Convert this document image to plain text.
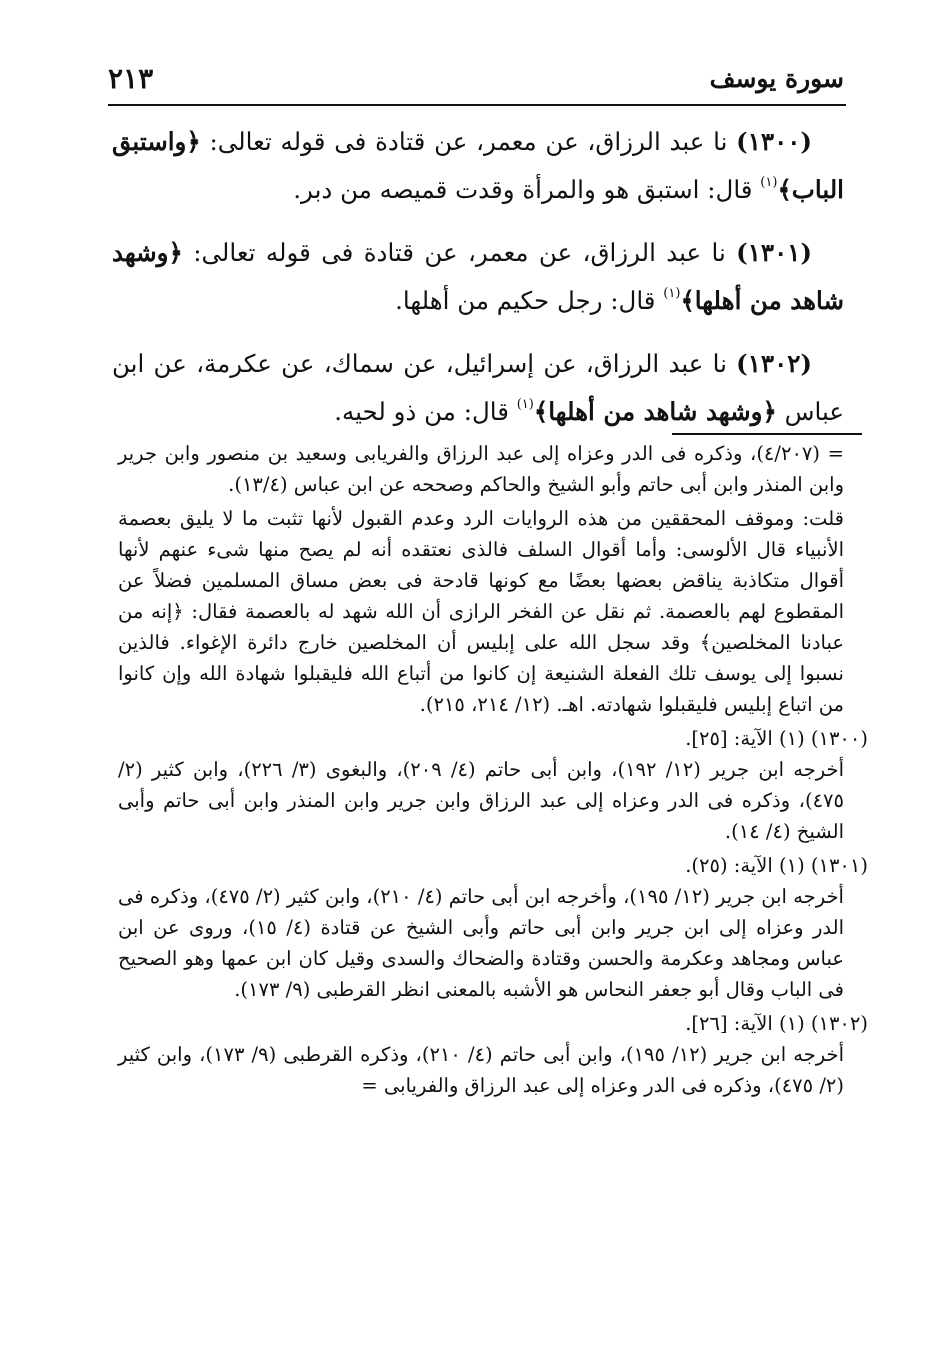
سورة يوسف
٢١٣

(١٣٠٠) نا عبد الرزاق، عن معمر، عن قتادة فى قوله تعالى: ﴿واستبق الباب﴾$^{(١)}$ قال: استبق هو والمرأة وقدت قميصه من دبر.

(١٣٠١) نا عبد الرزاق، عن معمر، عن قتادة فى قوله تعالى: ﴿وشهد شاهد من أهلها﴾$^{(١)}$ قال: رجل حكيم من أهلها.

(١٣٠٢) نا عبد الرزاق، عن إسرائيل، عن سماك، عن عكرمة، عن ابن عباس ﴿وشهد شاهد من أهلها﴾$^{(١)}$ قال: من ذو لحيه.

= (٤/٢٠٧)، وذكره فى الدر وعزاه إلى عبد الرزاق والفريابى وسعيد بن منصور وابن جرير وابن المنذر وابن أبى حاتم وأبو الشيخ والحاكم وصححه عن ابن عباس (١٣/٤).

قلت: وموقف المحققين من هذه الروايات الرد وعدم القبول لأنها تثبت ما لا يليق بعصمة الأنبياء قال الألوسى: وأما أقوال السلف فالذى نعتقده أنه لم يصح منها شىء عنهم لأنها أقوال متكاذبة يناقض بعضها بعضًا مع كونها قادحة فى بعض مساق المسلمين فضلاً عن المقطوع لهم بالعصمة. ثم نقل عن الفخر الرازى أن الله شهد له بالعصمة فقال: ﴿إنه من عبادنا المخلصين﴾ وقد سجل الله على إبليس أن المخلصين خارج دائرة الإغواء. فالذين نسبوا إلى يوسف تلك الفعلة الشنيعة إن كانوا من أتباع الله فليقبلوا شهادة الله وإن كانوا من اتباع إبليس فليقبلوا شهادته. اهـ. (١٢/ ٢١٤، ٢١٥).

(١٣٠٠) (١) الآية: [٢٥].

أخرجه ابن جرير (١٢/ ١٩٢)، وابن أبى حاتم (٤/ ٢٠٩)، والبغوى (٣/ ٢٢٦)، وابن كثير (٢/ ٤٧٥)، وذكره فى الدر وعزاه إلى عبد الرزاق وابن جرير وابن المنذر وابن أبى حاتم وأبى الشيخ (٤/ ١٤).

(١٣٠١) (١) الآية: (٢٥).

أخرجه ابن جرير (١٢/ ١٩٥)، وأخرجه ابن أبى حاتم (٤/ ٢١٠)، وابن كثير (٢/ ٤٧٥)، وذكره فى الدر وعزاه إلى ابن جرير وابن أبى حاتم وأبى الشيخ عن قتادة (٤/ ١٥)، وروى عن ابن عباس ومجاهد وعكرمة والحسن وقتادة والضحاك والسدى وقيل كان ابن عمها وهو الصحيح فى الباب وقال أبو جعفر النحاس هو الأشبه بالمعنى انظر القرطبى (٩/ ١٧٣).

(١٣٠٢) (١) الآية: [٢٦].

أخرجه ابن جرير (١٢/ ١٩٥)، وابن أبى حاتم (٤/ ٢١٠)، وذكره القرطبى (٩/ ١٧٣)، وابن كثير (٢/ ٤٧٥)، وذكره فى الدر وعزاه إلى عبد الرزاق والفريابى =
